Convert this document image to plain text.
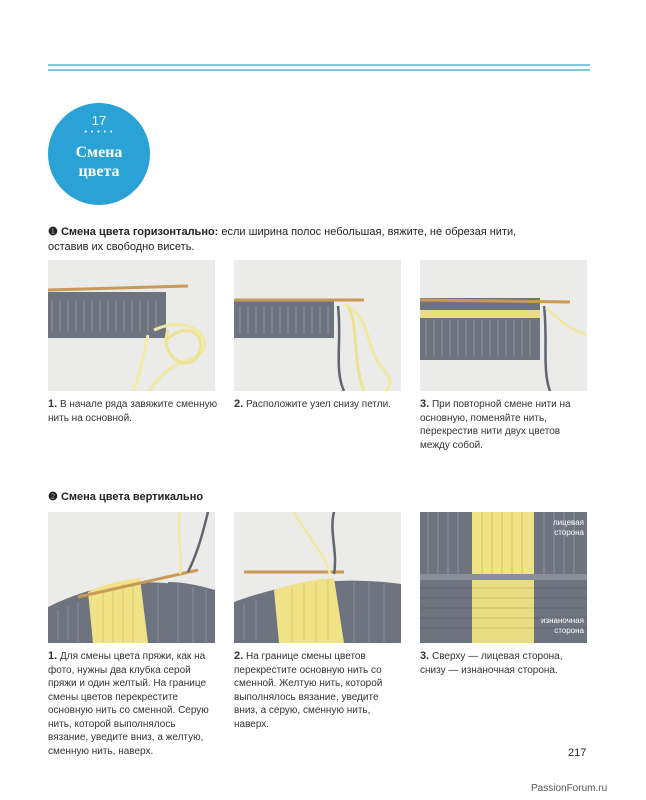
17
• • • • •
Смена
цвета
❶ Смена цвета горизонтально: если ширина полос небольшая, вяжите, не обрезая нити, оставив их свободно висеть.
1. В начале ряда завяжите сменную нить на основной.
2. Расположите узел снизу петли.	3. При повторной смене нити на основную, поменяйте нить, перекрестив нити двух цветов между собой.
❷ Смена цвета вертикально
лицевая сторона
изнаночная сторона
1. Для смены цвета пряжи, как на фото, нужны два клубка серой пряжи и один желтый. На границе смены цветов перекрестите основную нить со сменной. Серую нить, которой выполнялось вязание, уведите вниз, а желтую, сменную нить, наверх.
2. На границе смены цветов перекрестите основную нить со сменной. Желтую нить, которой выполнялось вязание, уведите вниз, а серую, сменную нить, наверх.
3. Сверху — лицевая сторона, снизу — изнаночная сторона.
217
PassionForum.ru
